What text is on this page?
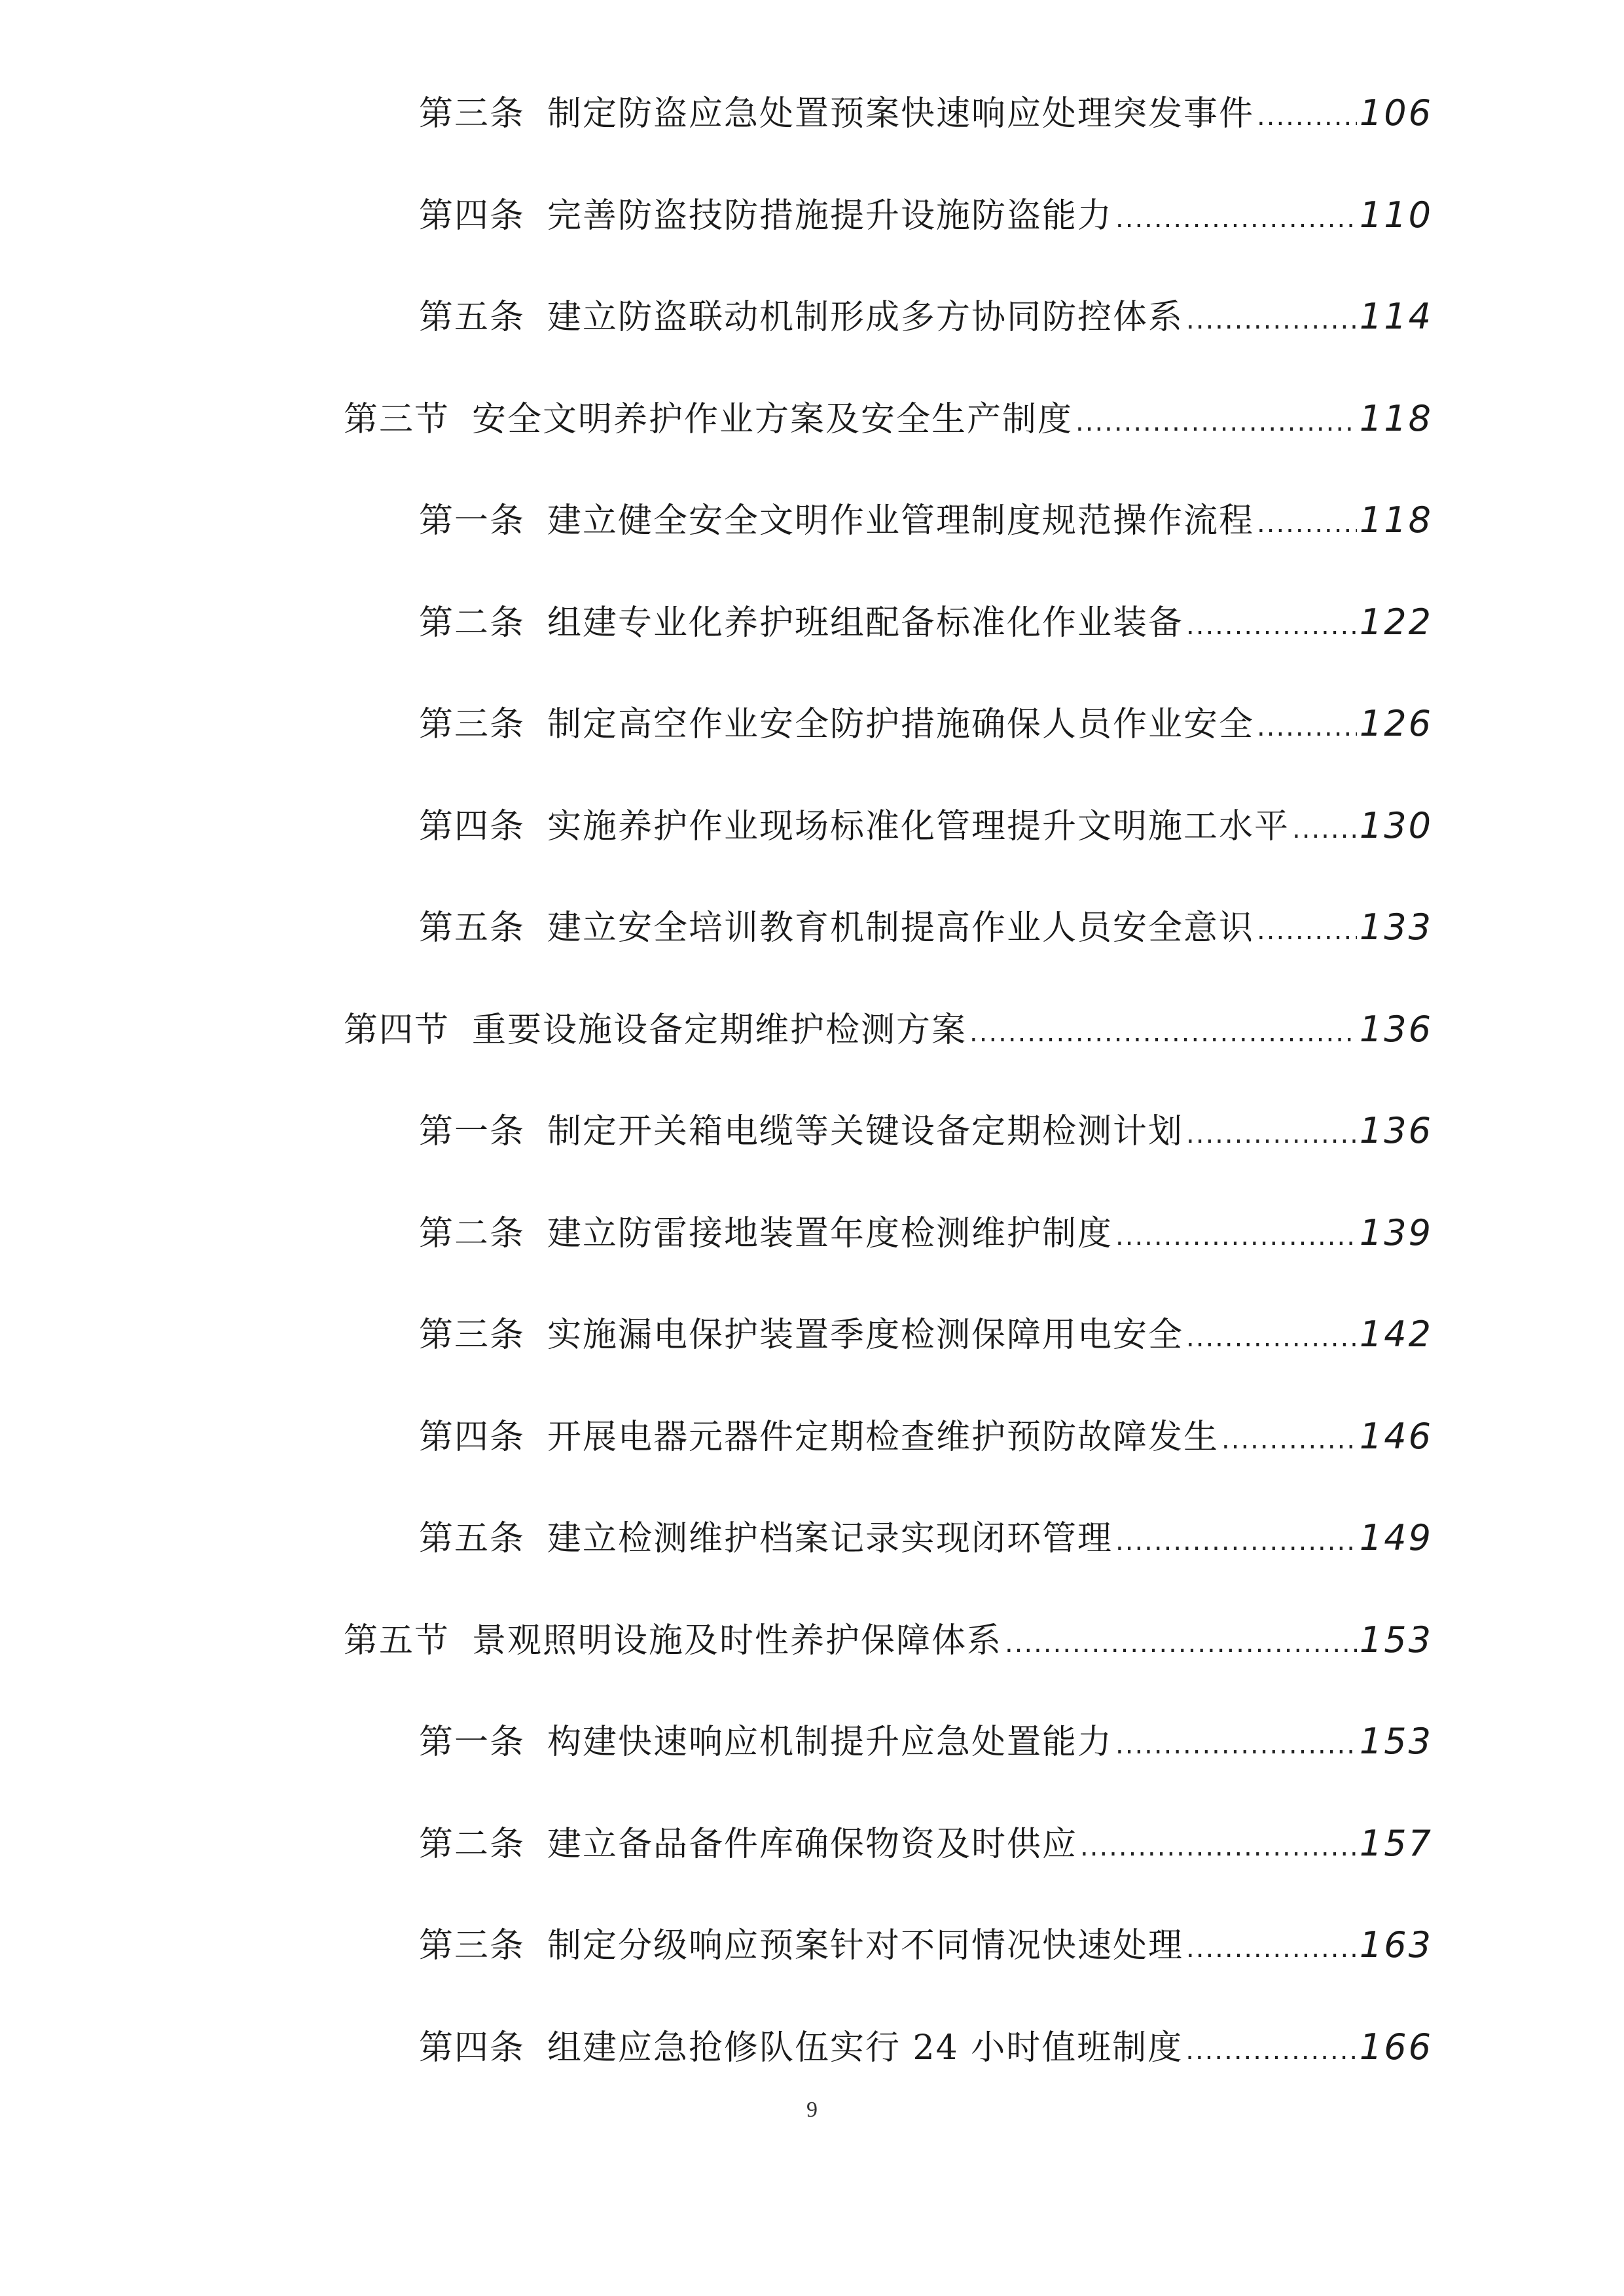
第三条 制定防盗应急处置预案快速响应处理突发事件 .....	106
第四条 完善防盗技防措施提升设施防盗能力 .....	110
第五条 建立防盗联动机制形成多方协同防控体系 .....	114
第三节 安全文明养护作业方案及安全生产制度 .....	118
第一条 建立健全安全文明作业管理制度规范操作流程 .....	118
第二条 组建专业化养护班组配备标准化作业装备 .....	122
第三条 制定高空作业安全防护措施确保人员作业安全 .....	126
第四条 实施养护作业现场标准化管理提升文明施工水平 ..... 130
第五条 建立安全培训教育机制提高作业人员安全意识 .....	133
第四节 重要设施设备定期维护检测方案 .....	136
第一条 制定开关箱电缆等关键设备定期检测计划 .....	136
第二条 建立防雷接地装置年度检测维护制度 .....	139
第三条 实施漏电保护装置季度检测保障用电安全 .....	142
第四条 开展电器元器件定期检查维护预防故障发生 .....	146
第五条 建立检测维护档案记录实现闭环管理 .....	149
第五节 景观照明设施及时性养护保障体系 .....	153
第一条 构建快速响应机制提升应急处置能力 .....	153
第二条 建立备品备件库确保物资及时供应 .....	157
第三条 制定分级响应预案针对不同情况快速处理 .....	163
第四条 组建应急抢修队伍实行 24 小时值班制度 .....	166
9
